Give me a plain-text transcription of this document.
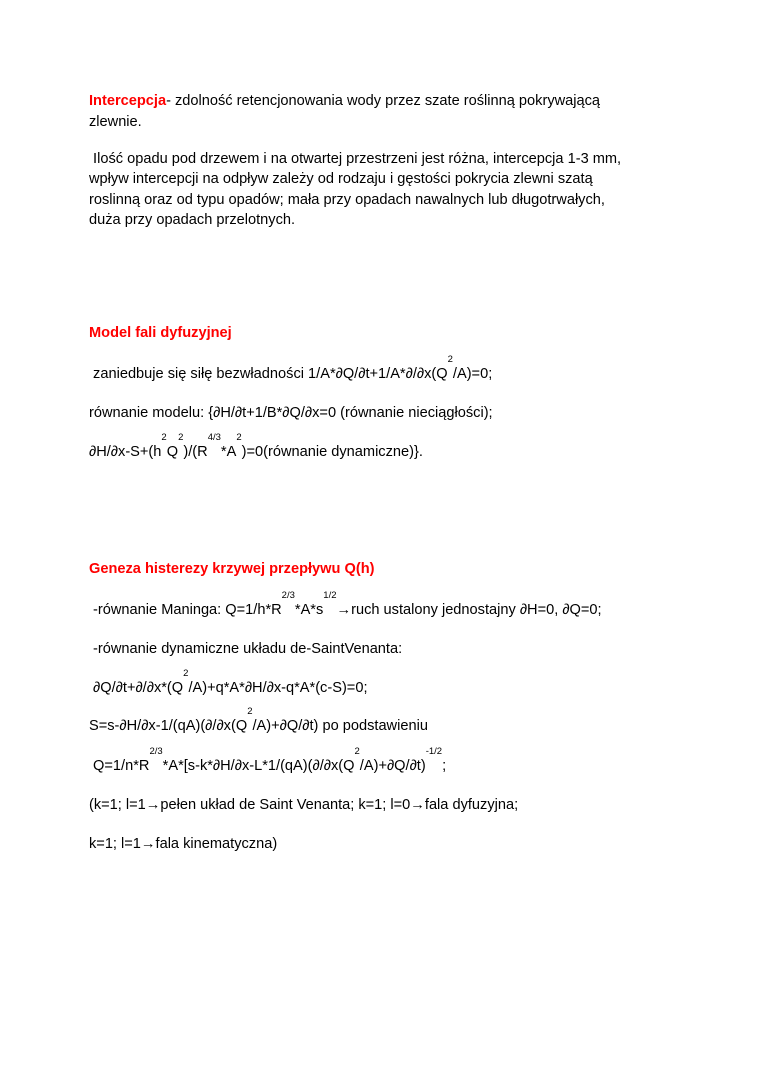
Intercepcja- zdolność retencjonowania wody przez szate roślinną pokrywającą
zlewnie.
Ilość opadu pod drzewem i na otwartej przestrzeni jest różna, intercepcja 1-3 mm,
wpływ intercepcji na odpływ zależy od rodzaju i gęstości pokrycia zlewni szatą
roslinną oraz od typu opadów; mała przy opadach nawalnych lub długotrwałych,
duża przy opadach przelotnych.
Model fali dyfuzyjnej
zaniedbuje się siłę bezwładności $1/A*\partial Q/\partial t+1/A*\partial/\partial x(Q^2/A)=0$;
równanie modelu: {∂H/∂t+1/B*∂Q/∂x=0 (równanie nieciągłości);
$\partial H/\partial x-S+(h^2Q^2)/(R^{4/3}*A^2)=0(równanie$ dynamiczne)}.
Geneza histerezy krzywej przepływu Q(h)
-równanie Maninga: $Q=1/h*R^{2/3}*A*s^{1/2}\to ruch$ ustalony jednostajny ∂H=0, ∂Q=0;
-równanie dynamiczne układu de-SaintVenanta:
$\partial Q/\partial t+\partial/\partial x*(Q^2/A)+q*A*\partial H/\partial x-q*A*(c-S)=0$;
$S=s-\partial H/\partial x-1/(qA)(\partial/\partial x(Q^2/A)+\partial Q/\partial t)$ po podstawieniu
$Q=1/n*R^{2/3}*A*[s-k*\partial H/\partial x-L*1/(qA)(\partial/\partial x(Q^2/A)+\partial Q/\partial t)^{-1/2}$;
(k=1; l=1→pełen układ de Saint Venanta; k=1; l=0→fala dyfuzyjna;
k=1; l=1→fala kinematyczna)
